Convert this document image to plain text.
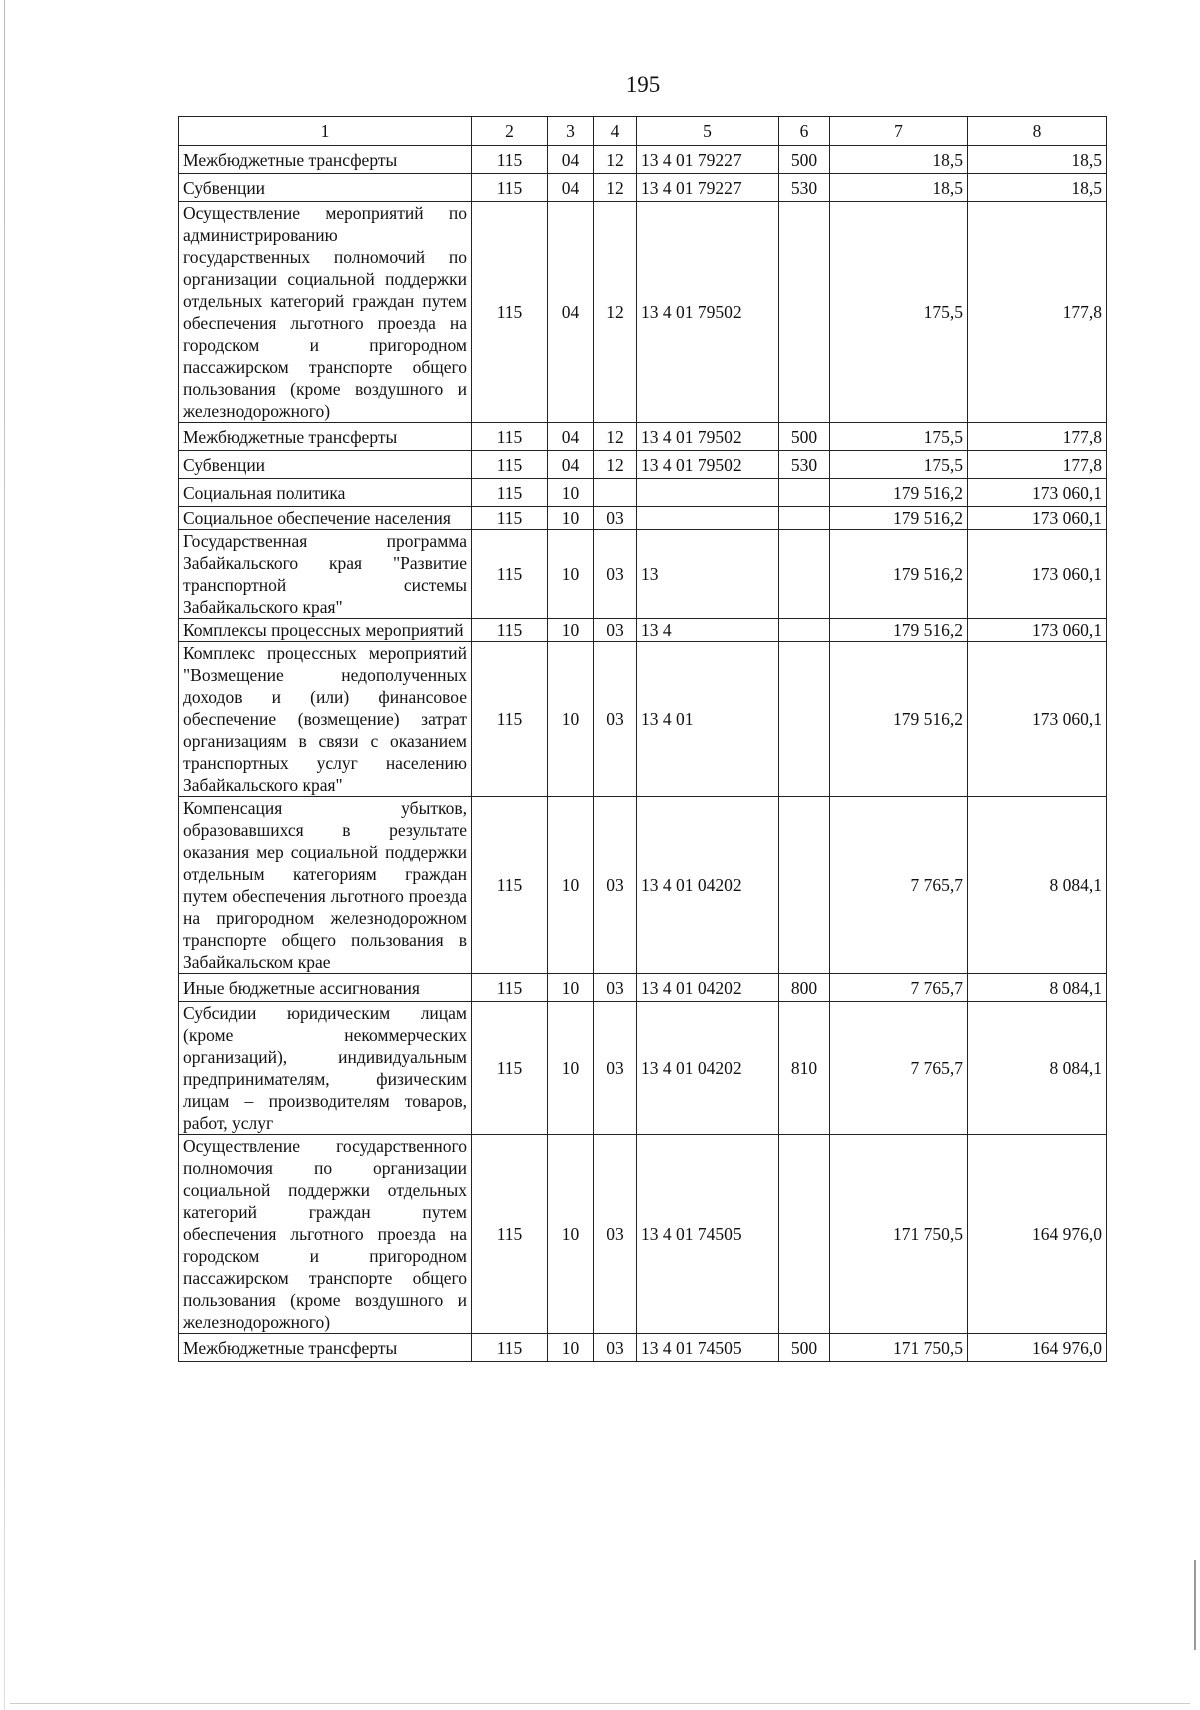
195
1	2	3	4	5	6	7	8
Межбюджетные трансферты	115	04	12	13 4 01 79227	500	18,5	18,5
Субвенции	115	04	12	13 4 01 79227	530	18,5	18,5
Осуществление мероприятий по администрированию государственных полномочий по организации социальной поддержки отдельных категорий граждан путем обеспечения льготного проезда на городском и пригородном пассажирском транспорте общего пользования (кроме воздушного и железнодорожного)	115	04	12	13 4 01 79502		175,5	177,8
Межбюджетные трансферты	115	04	12	13 4 01 79502	500	175,5	177,8
Субвенции	115	04	12	13 4 01 79502	530	175,5	177,8
Социальная политика	115	10				179 516,2	173 060,1
Социальное обеспечение населения	115	10	03			179 516,2	173 060,1
Государственная программа Забайкальского края "Развитие транспортной системы Забайкальского края"	115	10	03	13		179 516,2	173 060,1
Комплексы процессных мероприятий	115	10	03	13 4		179 516,2	173 060,1
Комплекс процессных мероприятий "Возмещение недополученных доходов и (или) финансовое обеспечение (возмещение) затрат организациям в связи с оказанием транспортных услуг населению Забайкальского края"	115	10	03	13 4 01		179 516,2	173 060,1
Компенсация убытков, образовавшихся в результате оказания мер социальной поддержки отдельным категориям граждан путем обеспечения льготного проезда на пригородном железнодорожном транспорте общего пользования в Забайкальском крае	115	10	03	13 4 01 04202		7 765,7	8 084,1
Иные бюджетные ассигнования	115	10	03	13 4 01 04202	800	7 765,7	8 084,1
Субсидии юридическим лицам (кроме некоммерческих организаций), индивидуальным предпринимателям, физическим лицам – производителям товаров, работ, услуг	115	10	03	13 4 01 04202	810	7 765,7	8 084,1
Осуществление государственного полномочия по организации социальной поддержки отдельных категорий граждан путем обеспечения льготного проезда на городском и пригородном пассажирском транспорте общего пользования (кроме воздушного и железнодорожного)	115	10	03	13 4 01 74505		171 750,5	164 976,0
Межбюджетные трансферты	115	10	03	13 4 01 74505	500	171 750,5	164 976,0
